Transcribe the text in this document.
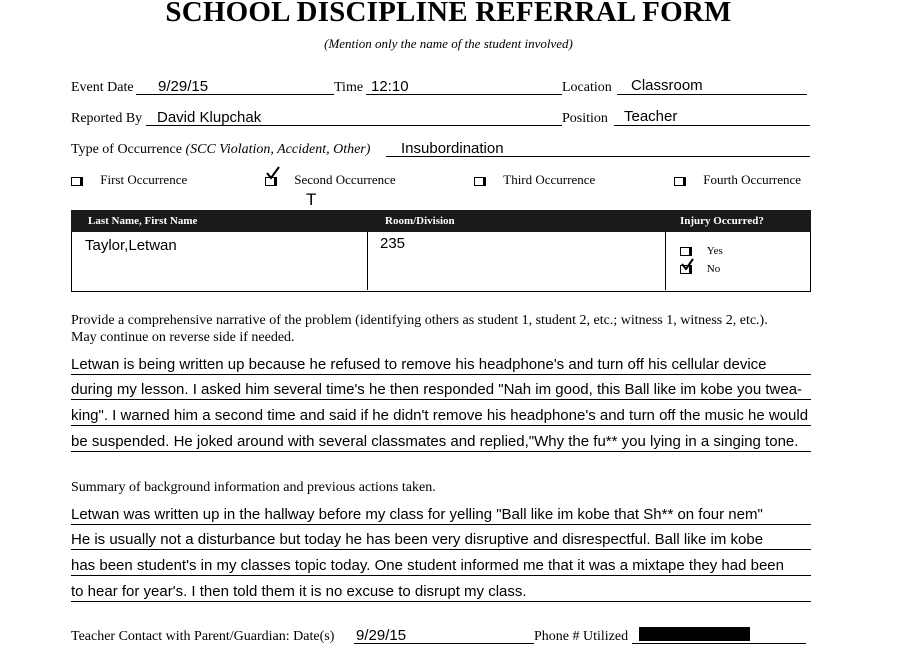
SCHOOL DISCIPLINE REFERRAL FORM
(Mention only the name of the student involved)
Event Date 9/29/15	Time 12:10	Location Classroom
Reported By David Klupchak	Position Teacher
Type of Occurrence (SCC Violation, Accident, Other) Insubordination
First Occurrence	Second Occurrence
T
Third Occurrence	Fourth Occurrence
Last Name, First Name	Room/Division	Injury Occurred?
Taylor,Letwan	235	Yes
No
Provide a comprehensive narrative of the problem (identifying others as student 1, student 2, etc.; witness 1, witness 2, etc.).
May continue on reverse side if needed.
Letwan is being written up because he refused to remove his headphone's and turn off his cellular device
during my lesson. I asked him several time's he then responded "Nah im good, this Ball like im kobe you twea-
king". I warned him a second time and said if he didn't remove his headphone's and turn off the music he would
be suspended. He joked around with several classmates and replied,"Why the fu** you lying in a singing tone.
Summary of background information and previous actions taken.
Letwan was written up in the hallway before my class for yelling "Ball like im kobe that Sh** on four nem"
He is usually not a disturbance but today he has been very disruptive and disrespectful. Ball like im kobe
has been student's in my classes topic today. One student informed me that it was a mixtape they had been
to hear for year's. I then told them it is no excuse to disrupt my class.
Teacher Contact with Parent/Guardian: Date(s) 9/29/15	Phone # Utilized
